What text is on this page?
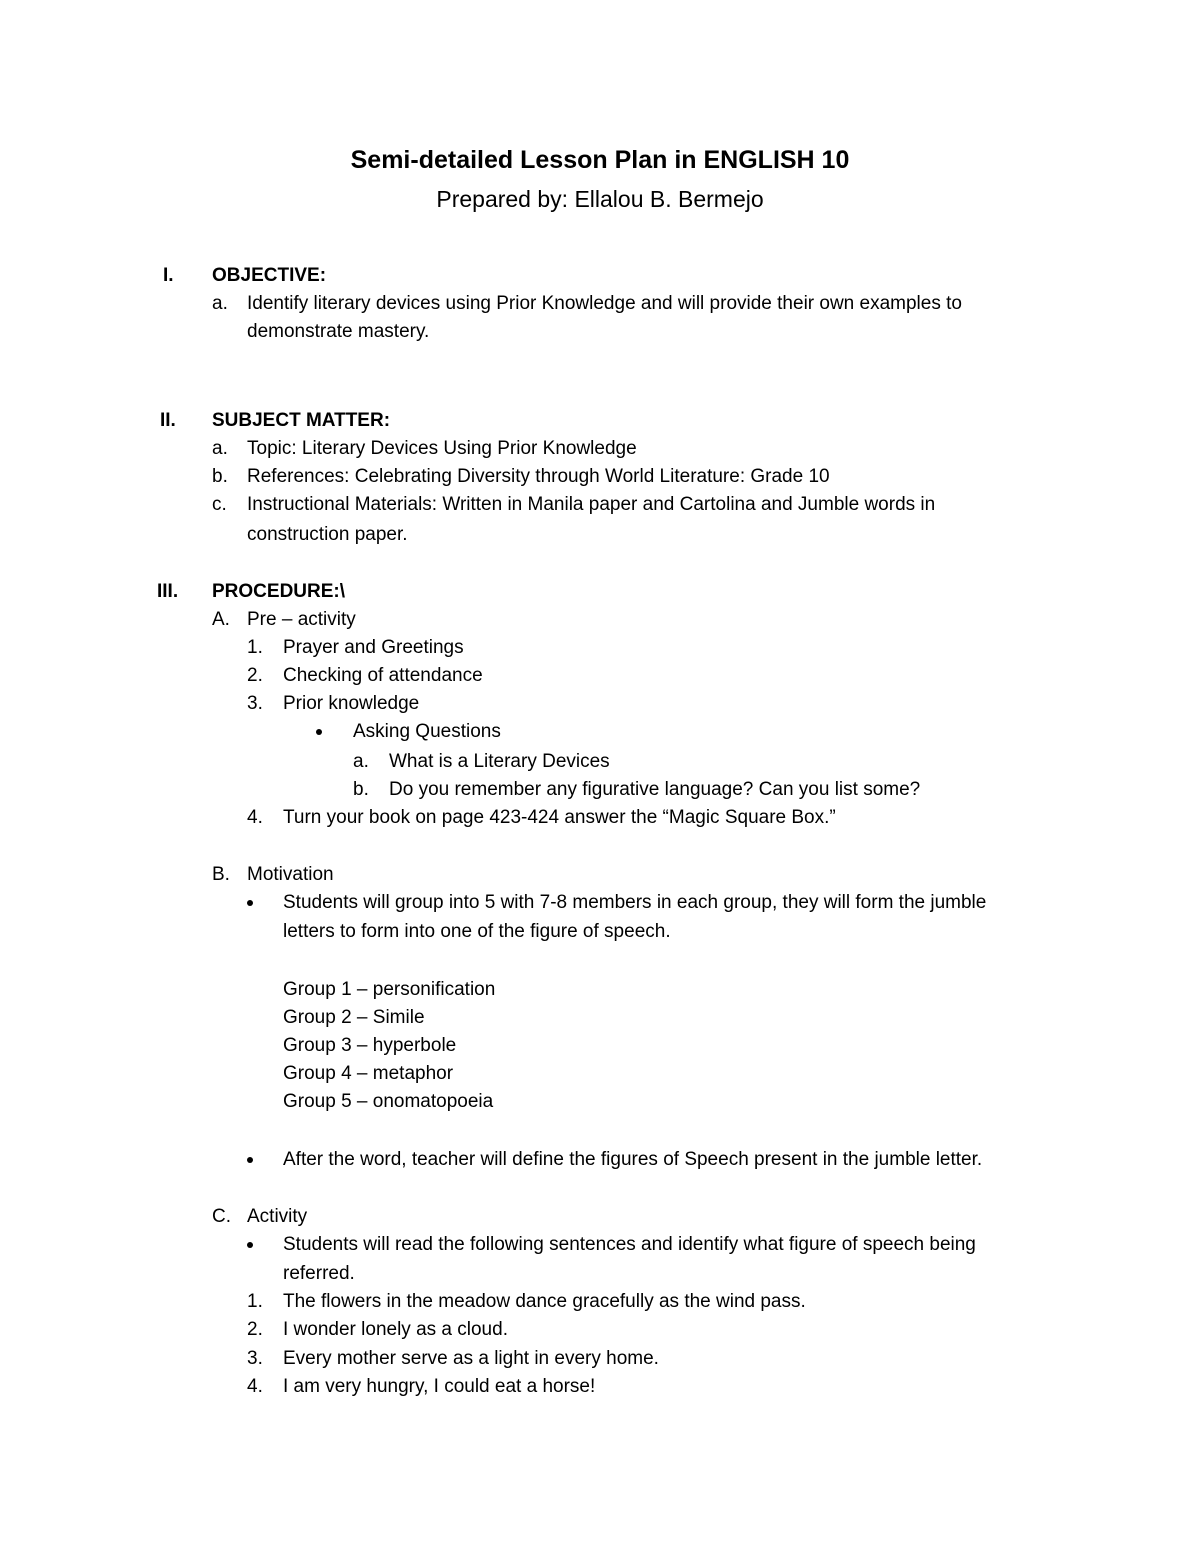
Semi-detailed Lesson Plan in ENGLISH 10
Prepared by: Ellalou B. Bermejo
I. OBJECTIVE:
a. Identify literary devices using Prior Knowledge and will provide their own examples to
demonstrate mastery.
II. SUBJECT MATTER:
a. Topic: Literary Devices Using Prior Knowledge
b. References: Celebrating Diversity through World Literature: Grade 10
c. Instructional Materials: Written in Manila paper and Cartolina and Jumble words in
construction paper.
III. PROCEDURE:\
A. Pre – activity
1. Prayer and Greetings
2. Checking of attendance
3. Prior knowledge
Asking Questions
a. What is a Literary Devices
b. Do you remember any figurative language? Can you list some?
4. Turn your book on page 423-424 answer the “Magic Square Box.”
B. Motivation
Students will group into 5 with 7-8 members in each group, they will form the jumble
letters to form into one of the figure of speech.
Group 1 – personification
Group 2 – Simile
Group 3 – hyperbole
Group 4 – metaphor
Group 5 – onomatopoeia
After the word, teacher will define the figures of Speech present in the jumble letter.
C. Activity
Students will read the following sentences and identify what figure of speech being
referred.
1. The flowers in the meadow dance gracefully as the wind pass.
2. I wonder lonely as a cloud.
3. Every mother serve as a light in every home.
4. I am very hungry, I could eat a horse!
